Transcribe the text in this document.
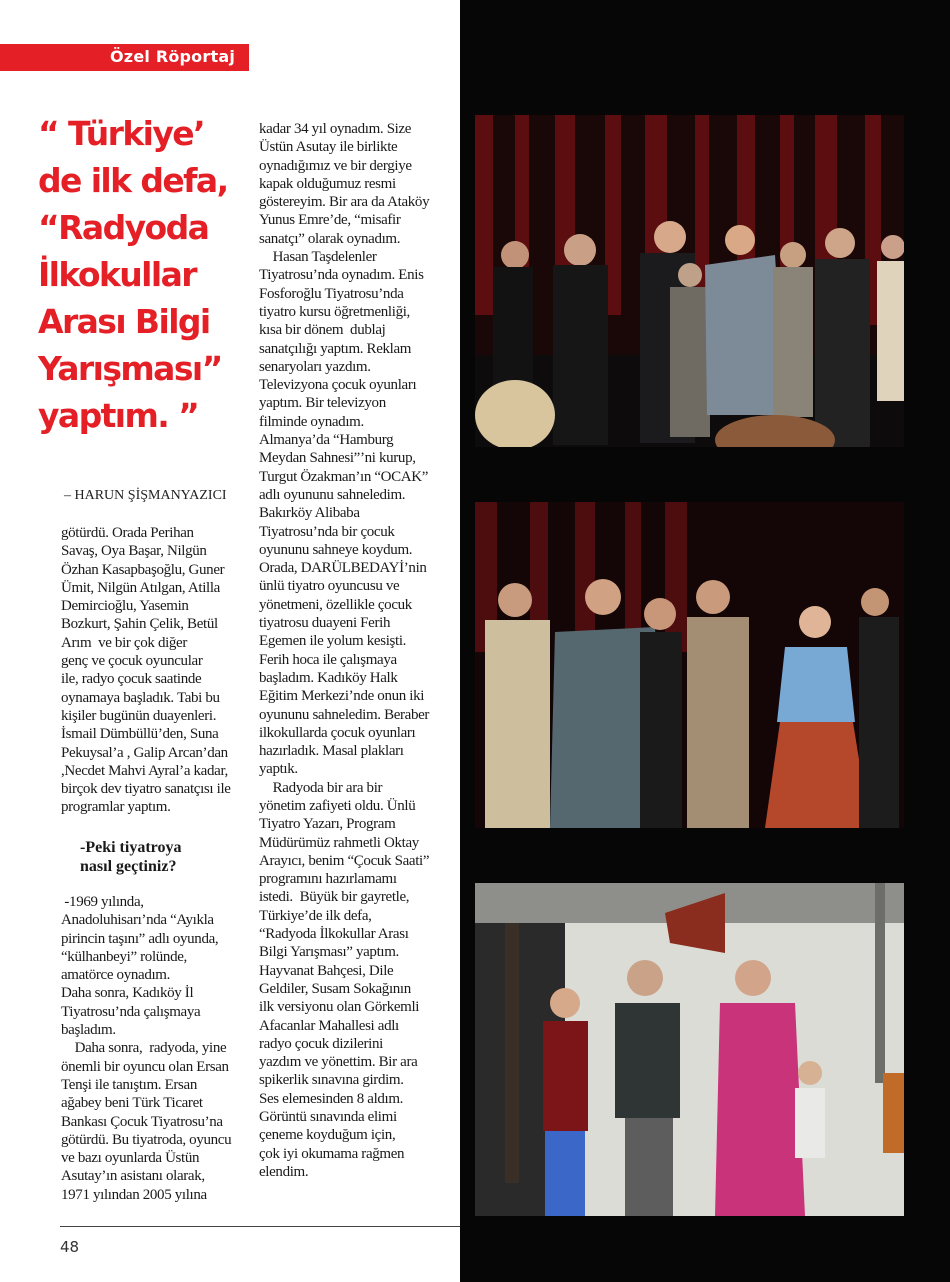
Özel Röportaj
“ Türkiye’
de ilk defa,
“Radyoda
İlkokullar
Arası Bilgi
Yarışması”
yaptım. ”
– HARUN ŞİŞMANYAZICI
götürdü. Orada Perihan
Savaş, Oya Başar, Nilgün
Özhan Kasapbaşoğlu, Guner
Ümit, Nilgün Atılgan, Atilla
Demircioğlu, Yasemin
Bozkurt, Şahin Çelik, Betül
Arım  ve bir çok diğer
genç ve çocuk oyuncular
ile, radyo çocuk saatinde
oynamaya başladık. Tabi bu
kişiler bugünün duayenleri.
İsmail Dümbüllü’den, Suna
Pekuysal’a , Galip Arcan’dan
,Necdet Mahvi Ayral’a kadar,
birçok dev tiyatro sanatçısı ile
programlar yaptım.
-Peki tiyatroya
nasıl geçtiniz?
-1969 yılında,
Anadoluhisarı’nda “Ayıkla
pirincin taşını” adlı oyunda,
“külhanbeyi” rolünde,
amatörce oynadım.
Daha sonra, Kadıköy İl
Tiyatrosu’nda çalışmaya
başladım.
Daha sonra,  radyoda, yine
önemli bir oyuncu olan Ersan
Tenşi ile tanıştım. Ersan
ağabey beni Türk Ticaret
Bankası Çocuk Tiyatrosu’na
götürdü. Bu tiyatroda, oyuncu
ve bazı oyunlarda Üstün
Asutay’ın asistanı olarak,
1971 yılından 2005 yılına
kadar 34 yıl oynadım. Size
Üstün Asutay ile birlikte
oynadığımız ve bir dergiye
kapak olduğumuz resmi
göstereyim. Bir ara da Ataköy
Yunus Emre’de, “misafir
sanatçı” olarak oynadım.
Hasan Taşdelenler
Tiyatrosu’nda oynadım. Enis
Fosforoğlu Tiyatrosu’nda
tiyatro kursu öğretmenliği,
kısa bir dönem  dublaj
sanatçılığı yaptım. Reklam
senaryoları yazdım.
Televizyona çocuk oyunları
yaptım. Bir televizyon
filminde oynadım.
Almanya’da “Hamburg
Meydan Sahnesi”’ni kurup,
Turgut Özakman’ın “OCAK”
adlı oyununu sahneledim.
Bakırköy Alibaba
Tiyatrosu’nda bir çocuk
oyununu sahneye koydum.
Orada, DARÜLBEDAYİ’nin
ünlü tiyatro oyuncusu ve
yönetmeni, özellikle çocuk
tiyatrosu duayeni Ferih
Egemen ile yolum kesişti.
Ferih hoca ile çalışmaya
başladım. Kadıköy Halk
Eğitim Merkezi’nde onun iki
oyununu sahneledim. Beraber
ilkokullarda çocuk oyunları
hazırladık. Masal plakları
yaptık.
Radyoda bir ara bir
yönetim zafiyeti oldu. Ünlü
Tiyatro Yazarı, Program
Müdürümüz rahmetli Oktay
Arayıcı, benim “Çocuk Saati”
programını hazırlamamı
istedi.  Büyük bir gayretle,
Türkiye’de ilk defa,
“Radyoda İlkokullar Arası
Bilgi Yarışması” yaptım.
Hayvanat Bahçesi, Dile
Geldiler, Susam Sokağının
ilk versiyonu olan Görkemli
Afacanlar Mahallesi adlı
radyo çocuk dizilerini
yazdım ve yönettim. Bir ara
spikerlik sınavına girdim.
Ses elemesinden 8 aldım.
Görüntü sınavında elimi
çeneme koyduğum için,
çok iyi okumama rağmen
elendim.
48
